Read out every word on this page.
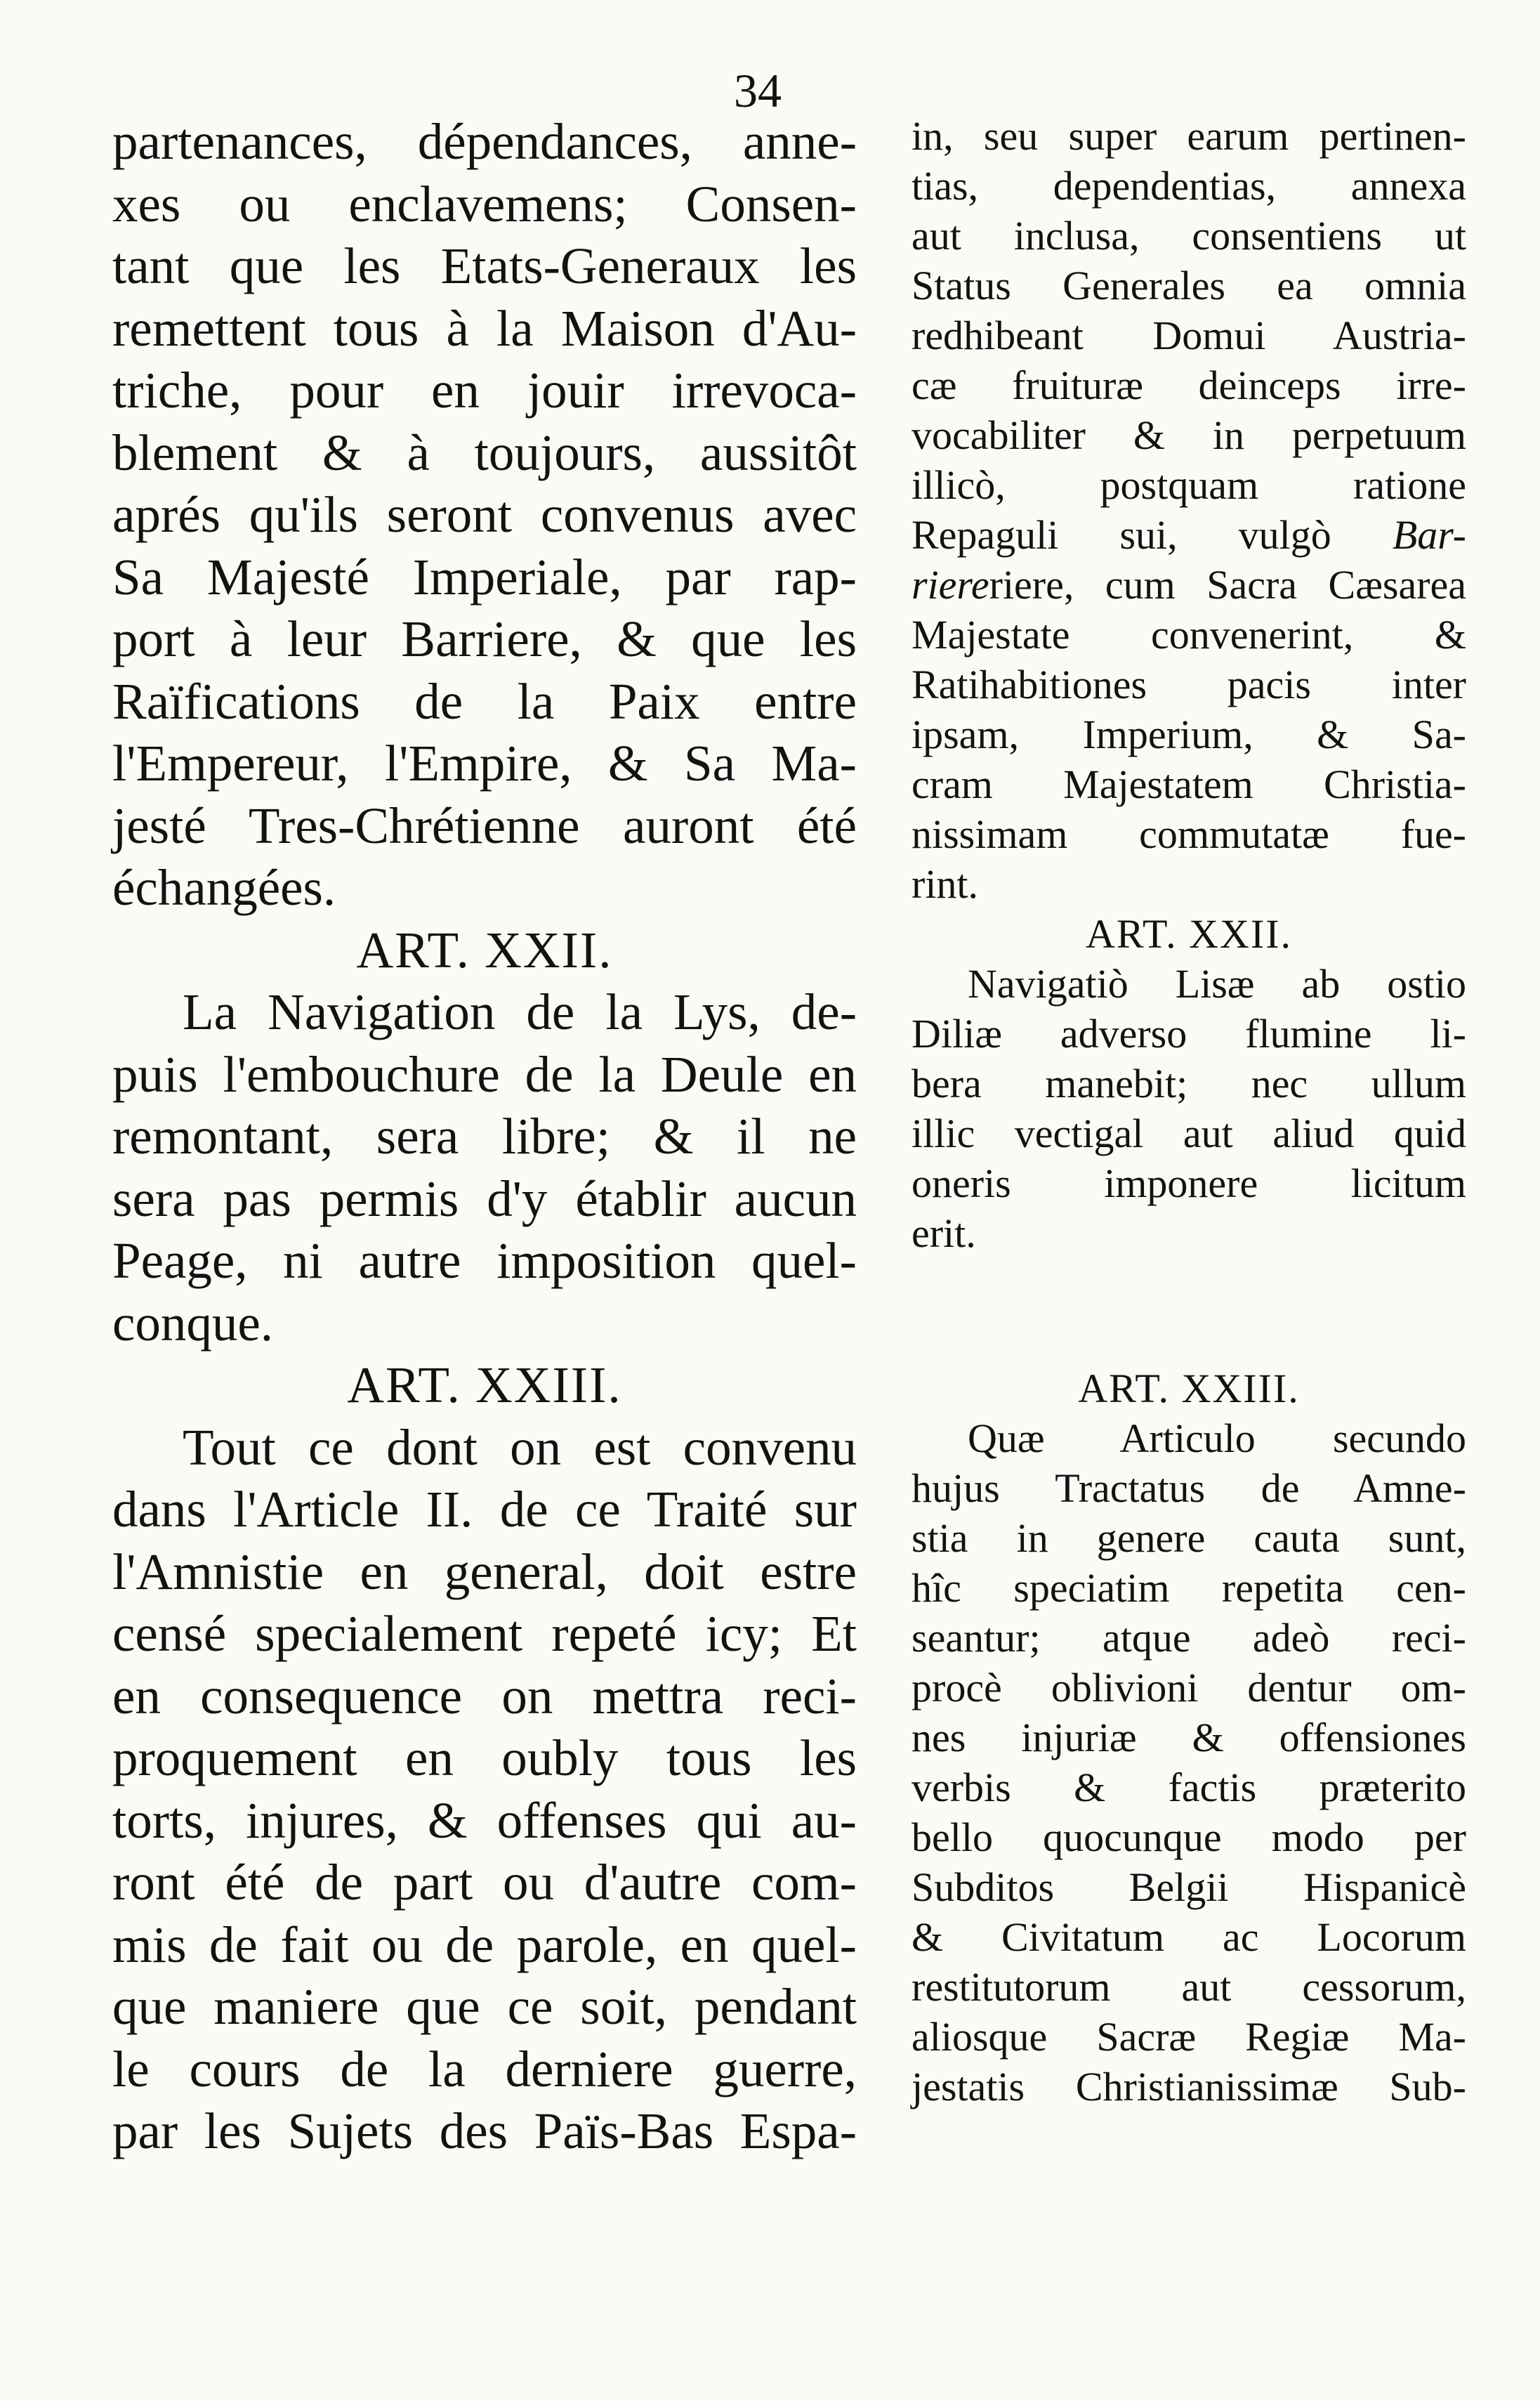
34
partenances, dépendances, anne-
xes ou enclavemens; Consen-
tant que les Etats-Generaux les
remettent tous à la Maison d'Au-
triche, pour en jouir irrevoca-
blement & à toujours, aussitôt
aprés qu'ils seront convenus avec
Sa Majesté Imperiale, par rap-
port à leur Barriere, & que les
Raïfications de la Paix entre
l'Empereur, l'Empire, & Sa Ma-
jesté Tres-Chrétienne auront été
échangées.
ART. XXII.
La Navigation de la Lys, de-
puis l'embouchure de la Deule en
remontant, sera libre; & il ne
sera pas permis d'y établir aucun
Peage, ni autre imposition quel-
conque.
ART. XXIII.
Tout ce dont on est convenu
dans l'Article II. de ce Traité sur
l'Amnistie en general, doit estre
censé specialement repeté icy; Et
en consequence on mettra reci-
proquement en oubly tous les
torts, injures, & offenses qui au-
ront été de part ou d'autre com-
mis de fait ou de parole, en quel-
que maniere que ce soit, pendant
le cours de la derniere guerre,
par les Sujets des Païs-Bas Espa-
in, seu super earum pertinen-
tias, dependentias, annexa
aut inclusa, consentiens ut
Status Generales ea omnia
redhibeant Domui Austria-
cæ fruituræ deinceps irre-
vocabiliter & in perpetuum
illicò, postquam ratione
Repaguli sui, vulgò Bar-
riereriere, cum Sacra Cæsarea
Majestate convenerint, &
Ratihabitiones pacis inter
ipsam, Imperium, & Sa-
cram Majestatem Christia-
nissimam commutatæ fue-
rint.
ART. XXII.
Navigatiò Lisæ ab ostio
Diliæ adverso flumine li-
bera manebit; nec ullum
illic vectigal aut aliud quid
oneris imponere licitum
erit.
ART. XXIII.
Quæ Articulo secundo
hujus Tractatus de Amne-
stia in genere cauta sunt,
hîc speciatim repetita cen-
seantur; atque adeò reci-
procè oblivioni dentur om-
nes injuriæ & offensiones
verbis & factis præterito
bello quocunque modo per
Subditos Belgii Hispanicè
& Civitatum ac Locorum
restitutorum aut cessorum,
aliosque Sacræ Regiæ Ma-
jestatis Christianissimæ Sub-
